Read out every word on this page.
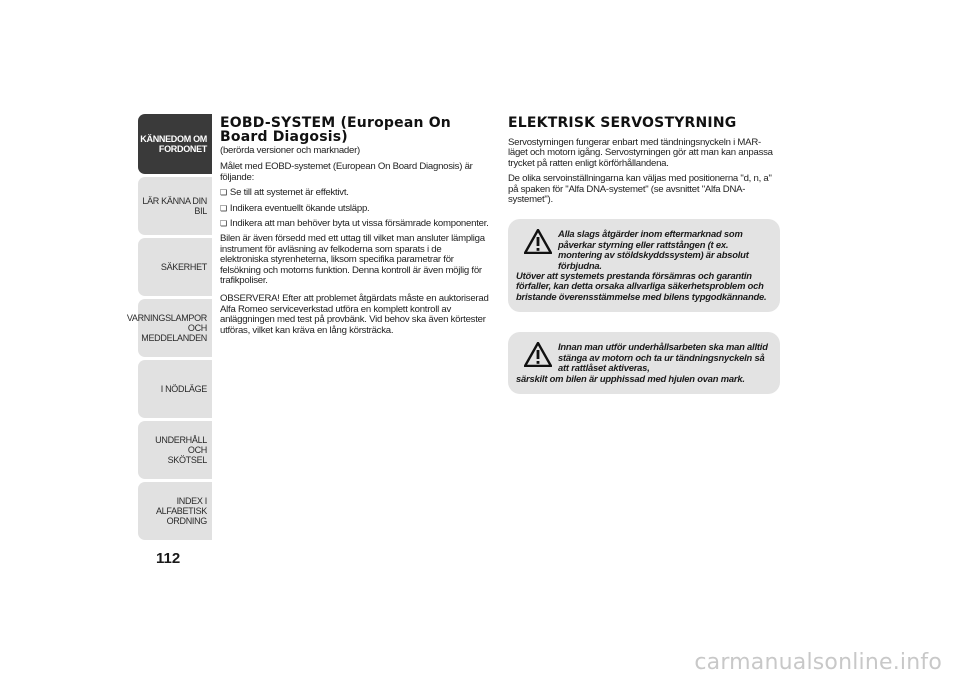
KÄNNEDOM OM
FORDONET
LÄR KÄNNA DIN BIL
SÄKERHET
VARNINGSLAMPOR
OCH MEDDELANDEN
I NÖDLÄGE
UNDERHÅLL OCH
SKÖTSEL
INDEX I ALFABETISK
ORDNING
112
EOBD-SYSTEM (European On Board Diagosis)

(berörda versioner och marknader)

Målet med EOBD-systemet (European On Board Diagnosis) är följande:

❏ Se till att systemet är effektivt.

❏ Indikera eventuellt ökande utsläpp.

❏ Indikera att man behöver byta ut vissa försämrade komponenter.

Bilen är även försedd med ett uttag till vilket man ansluter lämpliga instrument för avläsning av felkoderna som sparats i de elektroniska styrenheterna, liksom specifika parametrar för felsökning och motorns funktion. Denna kontroll är även möjlig för trafikpoliser.

OBSERVERA! Efter att problemet åtgärdats måste en auktoriserad Alfa Romeo serviceverkstad utföra en komplett kontroll av anläggningen med test på provbänk. Vid behov ska även körtester utföras, vilket kan kräva en lång körsträcka.

ELEKTRISK SERVOSTYRNING

Servostyrningen fungerar enbart med tändningsnyckeln i MAR-läget och motorn igång. Servostyrningen gör att man kan anpassa trycket på ratten enligt körförhållandena.

De olika servoinställningarna kan väljas med positionerna "d, n, a" på spaken för "Alfa DNA-systemet" (se avsnittet "Alfa DNA-systemet").

Alla slags åtgärder inom eftermarknad som påverkar styrning eller rattstången (t ex. montering av stöldskyddssystem) är absolut förbjudna.

Utöver att systemets prestanda försämras och garantin förfaller, kan detta orsaka allvarliga säkerhetsproblem och bristande överensstämmelse med bilens typgodkännande.

Innan man utför underhållsarbeten ska man alltid stänga av motorn och ta ur tändningsnyckeln så att rattlåset aktiveras,

särskilt om bilen är upphissad med hjulen ovan mark.

carmanualsonline.info
